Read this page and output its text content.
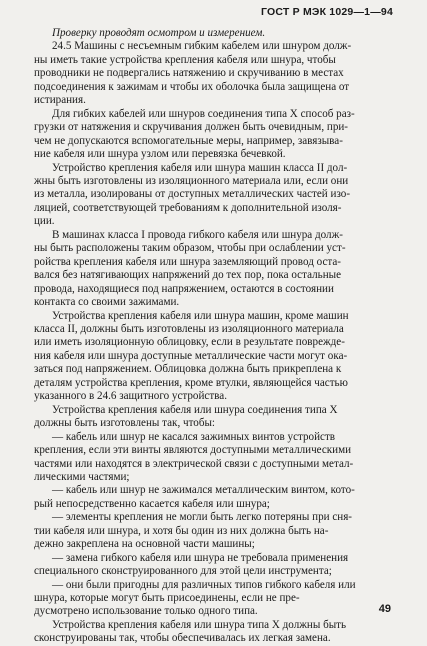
ГОСТ Р МЭК 1029—1—94
Проверку проводят осмотром и измерением.
24.5 Машины с несъемным гибким кабелем или шнуром долж-
ны иметь такие устройства крепления кабеля или шнура, чтобы
проводники не подвергались натяжению и скручиванию в местах
подсоединения к зажимам и чтобы их оболочка была защищена от
истирания.
Для гибких кабелей или шнуров соединения типа X способ раз-
грузки от натяжения и скручивания должен быть очевидным, при-
чем не допускаются вспомогательные меры, например, завязыва-
ние кабеля или шнура узлом или перевязка бечевкой.
Устройство крепления кабеля или шнура машин класса II дол-
жны быть изготовлены из изоляционного материала или, если они
из металла, изолированы от доступных металлических частей изо-
ляцией, соответствующей требованиям к дополнительной изоля-
ции.
В машинах класса I провода гибкого кабеля или шнура долж-
ны быть расположены таким образом, чтобы при ослаблении уст-
ройства крепления кабеля или шнура заземляющий провод оста-
вался без натягивающих напряжений до тех пор, пока остальные
провода, находящиеся под напряжением, остаются в состоянии
контакта со своими зажимами.
Устройства крепления кабеля или шнура машин, кроме машин
класса II, должны быть изготовлены из изоляционного материала
или иметь изоляционную облицовку, если в результате поврежде-
ния кабеля или шнура доступные металлические части могут ока-
заться под напряжением. Облицовка должна быть прикреплена к
деталям устройства крепления, кроме втулки, являющейся частью
указанного в 24.6 защитного устройства.
Устройства крепления кабеля или шнура соединения типа X
должны быть изготовлены так, чтобы:
— кабель или шнур не касался зажимных винтов устройств
крепления, если эти винты являются доступными металлическими
частями или находятся в электрической связи с доступными метал-
лическими частями;
— кабель или шнур не зажимался металлическим винтом, кото-
рый непосредственно касается кабеля или шнура;
— элементы крепления не могли быть легко потеряны при сня-
тии кабеля или шнура, и хотя бы один из них должна быть на-
дежно закреплена на основной части машины;
— замена гибкого кабеля или шнура не требовала применения
специального сконструированного для этой цели инструмента;
— они были пригодны для различных типов гибкого кабеля или
шнура, которые могут быть присоединены, если не пре-
дусмотрено использование только одного типа.
Устройства крепления кабеля или шнура типа X должны быть
сконструированы так, чтобы обеспечивалась их легкая замена.
49
